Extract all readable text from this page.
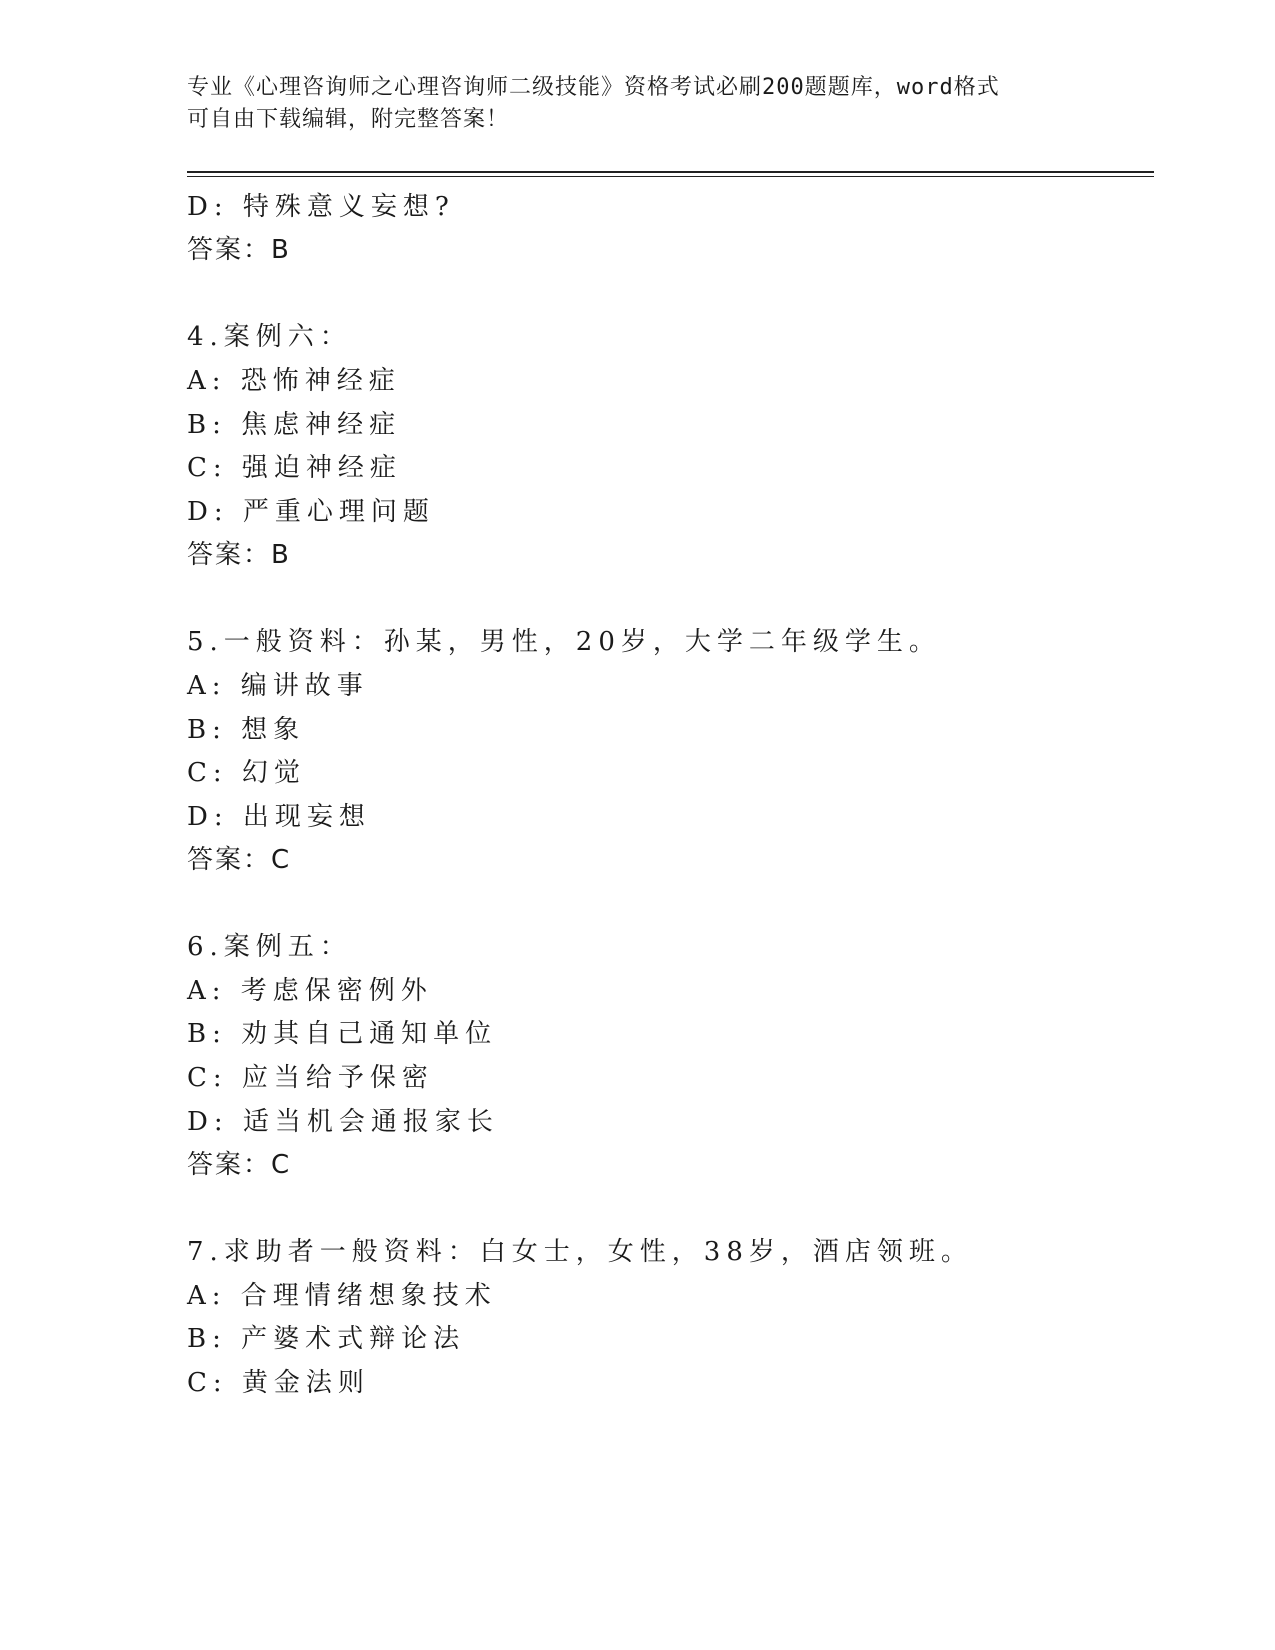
专业《心理咨询师之心理咨询师二级技能》资格考试必刷200题题库，word格式
可自由下载编辑，附完整答案！
D: 特殊意义妄想?
答案：B
4.案例六：
A: 恐怖神经症
B: 焦虑神经症
C: 强迫神经症
D: 严重心理问题
答案：B
5.一般资料：孙某，男性，20岁，大学二年级学生。
A: 编讲故事
B: 想象
C: 幻觉
D: 出现妄想
答案：C
6.案例五：
A: 考虑保密例外
B: 劝其自己通知单位
C: 应当给予保密
D: 适当机会通报家长
答案：C
7.求助者一般资料：白女士，女性，38岁，酒店领班。
A: 合理情绪想象技术
B: 产婆术式辩论法
C: 黄金法则
